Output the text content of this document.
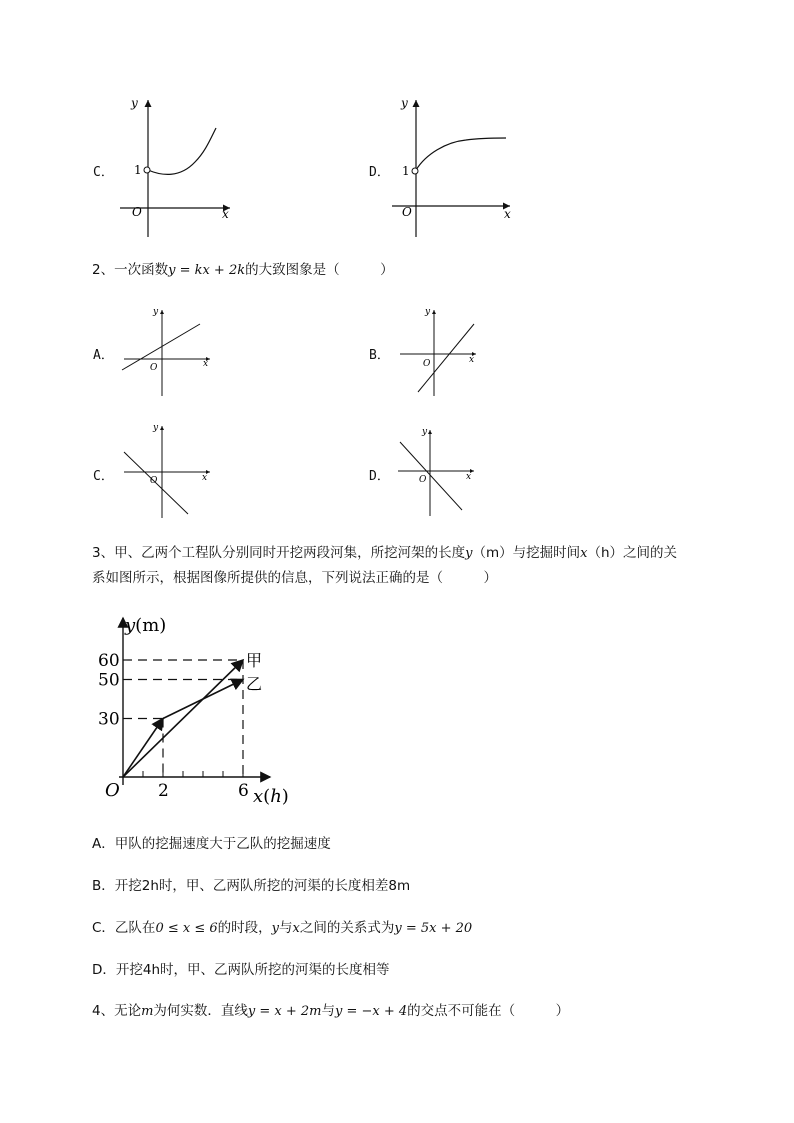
C．
y
x
O
1	D．
y
x
O
1
2、一次函数y = kx + 2k的大致图象是（　　　）
A．
y
x
O
B．
y
x
O
C．
y
x
O	D．
y
x
O
3、甲、乙两个工程队分别同时开挖两段河集，所挖河架的长度y（m）与挖掘时间x（h）之间的关
系如图所示，根据图像所提供的信息，下列说法正确的是（　　　）
60
50
30
2	6
y(m)
x(h)
O
甲
乙
A．甲队的挖掘速度大于乙队的挖掘速度
B．开挖2h时，甲、乙两队所挖的河渠的长度相差8m
C．乙队在0 ≤ x ≤ 6的时段，y与x之间的关系式为y = 5x + 20
D．开挖4h时，甲、乙两队所挖的河渠的长度相等
4、无论m为何实数．直线y = x + 2m与y = −x + 4的交点不可能在（　　　）
